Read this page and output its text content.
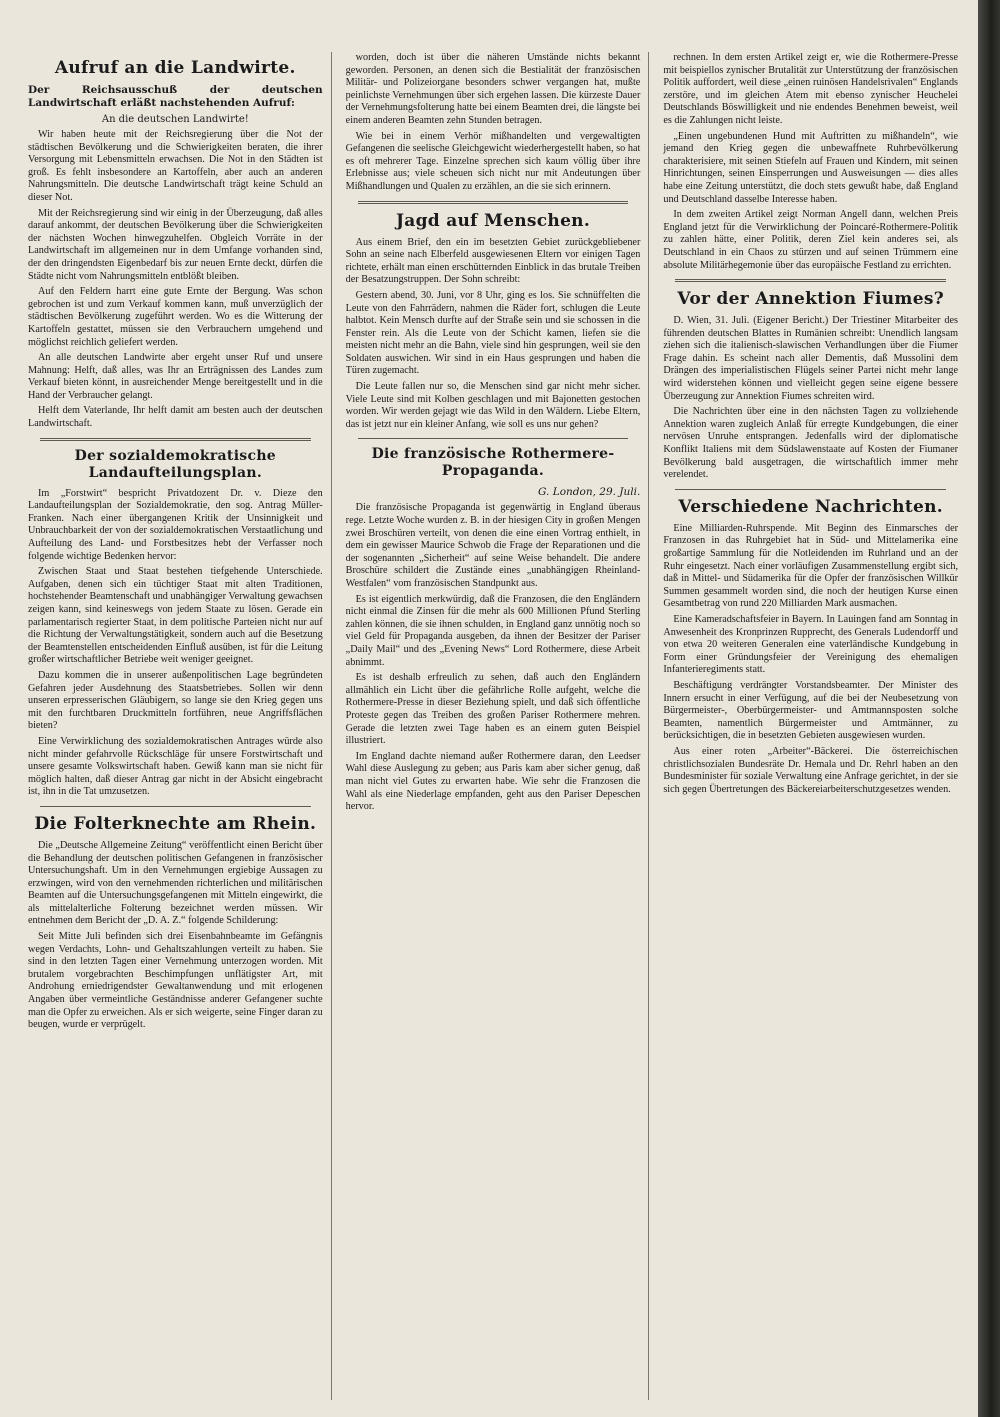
Aufruf an die Landwirte.

Der Reichsausschuß der deutschen Landwirtschaft erläßt nachstehenden Aufruf:

An die deutschen Landwirte!

Wir haben heute mit der Reichsregierung über die Not der städtischen Bevölkerung und die Schwierigkeiten beraten, die ihrer Versorgung mit Lebensmitteln erwachsen. Die Not in den Städten ist groß. Es fehlt insbesondere an Kartoffeln, aber auch an anderen Nahrungsmitteln. Die deutsche Landwirtschaft trägt keine Schuld an dieser Not.

Mit der Reichsregierung sind wir einig in der Überzeugung, daß alles darauf ankommt, der deutschen Bevölkerung über die Schwierigkeiten der nächsten Wochen hinwegzuhelfen. Obgleich Vorräte in der Landwirtschaft im allgemeinen nur in dem Umfange vorhanden sind, der den dringendsten Eigenbedarf bis zur neuen Ernte deckt, dürfen die Städte nicht vom Nahrungsmitteln entblößt bleiben.

Auf den Feldern harrt eine gute Ernte der Bergung. Was schon gebrochen ist und zum Verkauf kommen kann, muß unverzüglich der städtischen Bevölkerung zugeführt werden. Wo es die Witterung der Kartoffeln gestattet, müssen sie den Verbrauchern umgehend und möglichst reichlich geliefert werden.

An alle deutschen Landwirte aber ergeht unser Ruf und unsere Mahnung: Helft, daß alles, was Ihr an Erträgnissen des Landes zum Verkauf bieten könnt, in ausreichender Menge bereitgestellt und in die Hand der Verbraucher gelangt.

Helft dem Vaterlande, Ihr helft damit am besten auch der deutschen Landwirtschaft.

Der sozialdemokratische Landaufteilungsplan.

Im „Forstwirt“ bespricht Privatdozent Dr. v. Dieze den Landaufteilungsplan der Sozialdemokratie, den sog. Antrag Müller-Franken. Nach einer übergangenen Kritik der Unsinnigkeit und Unbrauchbarkeit der von der sozialdemokratischen Verstaatlichung und Aufteilung des Land- und Forstbesitzes hebt der Verfasser noch folgende wichtige Bedenken hervor:

Zwischen Staat und Staat bestehen tiefgehende Unterschiede. Aufgaben, denen sich ein tüchtiger Staat mit alten Traditionen, hochstehender Beamtenschaft und unabhängiger Verwaltung gewachsen zeigen kann, sind keineswegs von jedem Staate zu lösen. Gerade ein parlamentarisch regierter Staat, in dem politische Parteien nicht nur auf die Richtung der Verwaltungstätigkeit, sondern auch auf die Besetzung der Beamtenstellen entscheidenden Einfluß ausüben, ist für die Leitung großer wirtschaftlicher Betriebe weit weniger geeignet.

Dazu kommen die in unserer außenpolitischen Lage begründeten Gefahren jeder Ausdehnung des Staatsbetriebes. Sollen wir denn unseren erpresserischen Gläubigern, so lange sie den Krieg gegen uns mit den furchtbaren Druckmitteln fortführen, neue Angriffsflächen bieten?

Eine Verwirklichung des sozialdemokratischen Antrages würde also nicht minder gefahrvolle Rückschläge für unsere Forstwirtschaft und unsere gesamte Volkswirtschaft haben. Gewiß kann man sie nicht für möglich halten, daß dieser Antrag gar nicht in der Absicht eingebracht ist, ihn in die Tat umzusetzen.

Die Folterknechte am Rhein.

Die „Deutsche Allgemeine Zeitung“ veröffentlicht einen Bericht über die Behandlung der deutschen politischen Gefangenen in französischer Untersuchungshaft. Um in den Vernehmungen ergiebige Aussagen zu erzwingen, wird von den vernehmenden richterlichen und militärischen Beamten auf die Untersuchungsgefangenen mit Mitteln eingewirkt, die als mittelalterliche Folterung bezeichnet werden müssen. Wir entnehmen dem Bericht der „D. A. Z.“ folgende Schilderung:

Seit Mitte Juli befinden sich drei Eisenbahnbeamte im Gefängnis wegen Verdachts, Lohn- und Gehaltszahlungen verteilt zu haben. Sie sind in den letzten Tagen einer Vernehmung unterzogen worden. Mit brutalem vorgebrachten Beschimpfungen unflätigster Art, mit Androhung erniedrigendster Gewaltanwendung und mit erlogenen Angaben über vermeintliche Geständnisse anderer Gefangener suchte man die Opfer zu erweichen. Als er sich weigerte, seine Finger daran zu beugen, wurde er verprügelt.

worden, doch ist über die näheren Umstände nichts bekannt geworden. Personen, an denen sich die Bestialität der französischen Militär- und Polizeiorgane besonders schwer vergangen hat, mußte peinlichste Vernehmungen über sich ergehen lassen. Die kürzeste Dauer der Vernehmungsfolterung hatte bei einem Beamten drei, die längste bei einem anderen Beamten zehn Stunden betragen.

Wie bei in einem Verhör mißhandelten und vergewaltigten Gefangenen die seelische Gleichgewicht wiederhergestellt haben, so hat es oft mehrerer Tage. Einzelne sprechen sich kaum völlig über ihre Erlebnisse aus; viele scheuen sich nicht nur mit Andeutungen über Mißhandlungen und Qualen zu erzählen, an die sie sich erinnern.

Jagd auf Menschen.

Aus einem Brief, den ein im besetzten Gebiet zurückgebliebener Sohn an seine nach Elberfeld ausgewiesenen Eltern vor einigen Tagen richtete, erhält man einen erschütternden Einblick in das brutale Treiben der Besatzungstruppen. Der Sohn schreibt:

Gestern abend, 30. Juni, vor 8 Uhr, ging es los. Sie schnüffelten die Leute von den Fahrrädern, nahmen die Räder fort, schlugen die Leute halbtot. Kein Mensch durfte auf der Straße sein und sie schossen in die Fenster rein. Als die Leute von der Schicht kamen, liefen sie die meisten nicht mehr an die Bahn, viele sind hin gesprungen, weil sie den Soldaten auswichen. Wir sind in ein Haus gesprungen und haben die Türen zugemacht.

Die Leute fallen nur so, die Menschen sind gar nicht mehr sicher. Viele Leute sind mit Kolben geschlagen und mit Bajonetten gestochen worden. Wir werden gejagt wie das Wild in den Wäldern. Liebe Eltern, das ist jetzt nur ein kleiner Anfang, wie soll es uns nur gehen?

Die französische Rothermere-Propaganda.
G. London, 29. Juli.

Die französische Propaganda ist gegenwärtig in England überaus rege. Letzte Woche wurden z. B. in der hiesigen City in großen Mengen zwei Broschüren verteilt, von denen die eine einen Vortrag enthielt, in dem ein gewisser Maurice Schwob die Frage der Reparationen und die der sogenannten „Sicherheit“ auf seine Weise behandelt. Die andere Broschüre schildert die Zustände eines „unabhängigen Rheinland-Westfalen“ vom französischen Standpunkt aus.

Es ist eigentlich merkwürdig, daß die Franzosen, die den Engländern nicht einmal die Zinsen für die mehr als 600 Millionen Pfund Sterling zahlen können, die sie ihnen schulden, in England ganz unnötig noch so viel Geld für Propaganda ausgeben, da ihnen der Besitzer der Pariser „Daily Mail“ und des „Evening News“ Lord Rothermere, diese Arbeit abnimmt.

Es ist deshalb erfreulich zu sehen, daß auch den Engländern allmählich ein Licht über die gefährliche Rolle aufgeht, welche die Rothermere-Presse in dieser Beziehung spielt, und daß sich öffentliche Proteste gegen das Treiben des großen Pariser Rothermere mehren. Gerade die letzten zwei Tage haben es an einem guten Beispiel illustriert.

Im England dachte niemand außer Rothermere daran, den Leedser Wahl diese Auslegung zu geben; aus Paris kam aber sicher genug, daß man nicht viel Gutes zu erwarten habe. Wie sehr die Franzosen die Wahl als eine Niederlage empfanden, geht aus den Pariser Depeschen hervor.

rechnen. In dem ersten Artikel zeigt er, wie die Rothermere-Presse mit beispiellos zynischer Brutalität zur Unterstützung der französischen Politik auffordert, weil diese „einen ruinösen Handelsrivalen“ Englands zerstöre, und im gleichen Atem mit ebenso zynischer Heuchelei Deutschlands Böswilligkeit und nie endendes Benehmen beweist, weil es die Zahlungen nicht leiste.

„Einen ungebundenen Hund mit Auftritten zu mißhandeln“, wie jemand den Krieg gegen die unbewaffnete Ruhrbevölkerung charakterisiere, mit seinen Stiefeln auf Frauen und Kindern, mit seinen Hinrichtungen, seinen Einsperrungen und Ausweisungen — dies alles habe eine Zeitung unterstützt, die doch stets gewußt habe, daß England und Deutschland dasselbe Interesse haben.

In dem zweiten Artikel zeigt Norman Angell dann, welchen Preis England jetzt für die Verwirklichung der Poincaré-Rothermere-Politik zu zahlen hätte, einer Politik, deren Ziel kein anderes sei, als Deutschland in ein Chaos zu stürzen und auf seinen Trümmern eine absolute Militärhegemonie über das europäische Festland zu errichten.

Vor der Annektion Fiumes?

D. Wien, 31. Juli. (Eigener Bericht.) Der Triestiner Mitarbeiter des führenden deutschen Blattes in Rumänien schreibt: Unendlich langsam ziehen sich die italienisch-slawischen Verhandlungen über die Fiumer Frage dahin. Es scheint nach aller Dementis, daß Mussolini dem Drängen des imperialistischen Flügels seiner Partei nicht mehr lange wird widerstehen können und vielleicht gegen seine eigene bessere Überzeugung zur Annektion Fiumes schreiten wird.

Die Nachrichten über eine in den nächsten Tagen zu vollziehende Annektion waren zugleich Anlaß für erregte Kundgebungen, die einer nervösen Unruhe entsprangen. Jedenfalls wird der diplomatische Konflikt Italiens mit dem Südslawenstaate auf Kosten der Fiumaner Bevölkerung bald ausgetragen, die wirtschaftlich immer mehr verelendet.

Verschiedene Nachrichten.

Eine Milliarden-Ruhrspende. Mit Beginn des Einmarsches der Franzosen in das Ruhrgebiet hat in Süd- und Mittelamerika eine großartige Sammlung für die Notleidenden im Ruhrland und an der Ruhr eingesetzt. Nach einer vorläufigen Zusammenstellung ergibt sich, daß in Mittel- und Südamerika für die Opfer der französischen Willkür Summen gesammelt worden sind, die noch der heutigen Kurse einen Gesamtbetrag von rund 220 Milliarden Mark ausmachen.

Eine Kameradschaftsfeier in Bayern. In Lauingen fand am Sonntag in Anwesenheit des Kronprinzen Rupprecht, des Generals Ludendorff und von etwa 20 weiteren Generalen eine vaterländische Kundgebung in Form einer Gründungsfeier der Vereinigung des ehemaligen Infanterieregiments statt.

Beschäftigung verdrängter Vorstandsbeamter. Der Minister des Innern ersucht in einer Verfügung, auf die bei der Neubesetzung von Bürgermeister-, Oberbürgermeister- und Amtmannsposten solche Beamten, namentlich Bürgermeister und Amtmänner, zu berücksichtigen, die in besetzten Gebieten ausgewiesen wurden.

Aus einer roten „Arbeiter“-Bäckerei. Die österreichischen christlichsozialen Bundesräte Dr. Hemala und Dr. Rehrl haben an den Bundesminister für soziale Verwaltung eine Anfrage gerichtet, in der sie sich gegen Übertretungen des Bäckereiarbeiterschutzgesetzes wenden.
